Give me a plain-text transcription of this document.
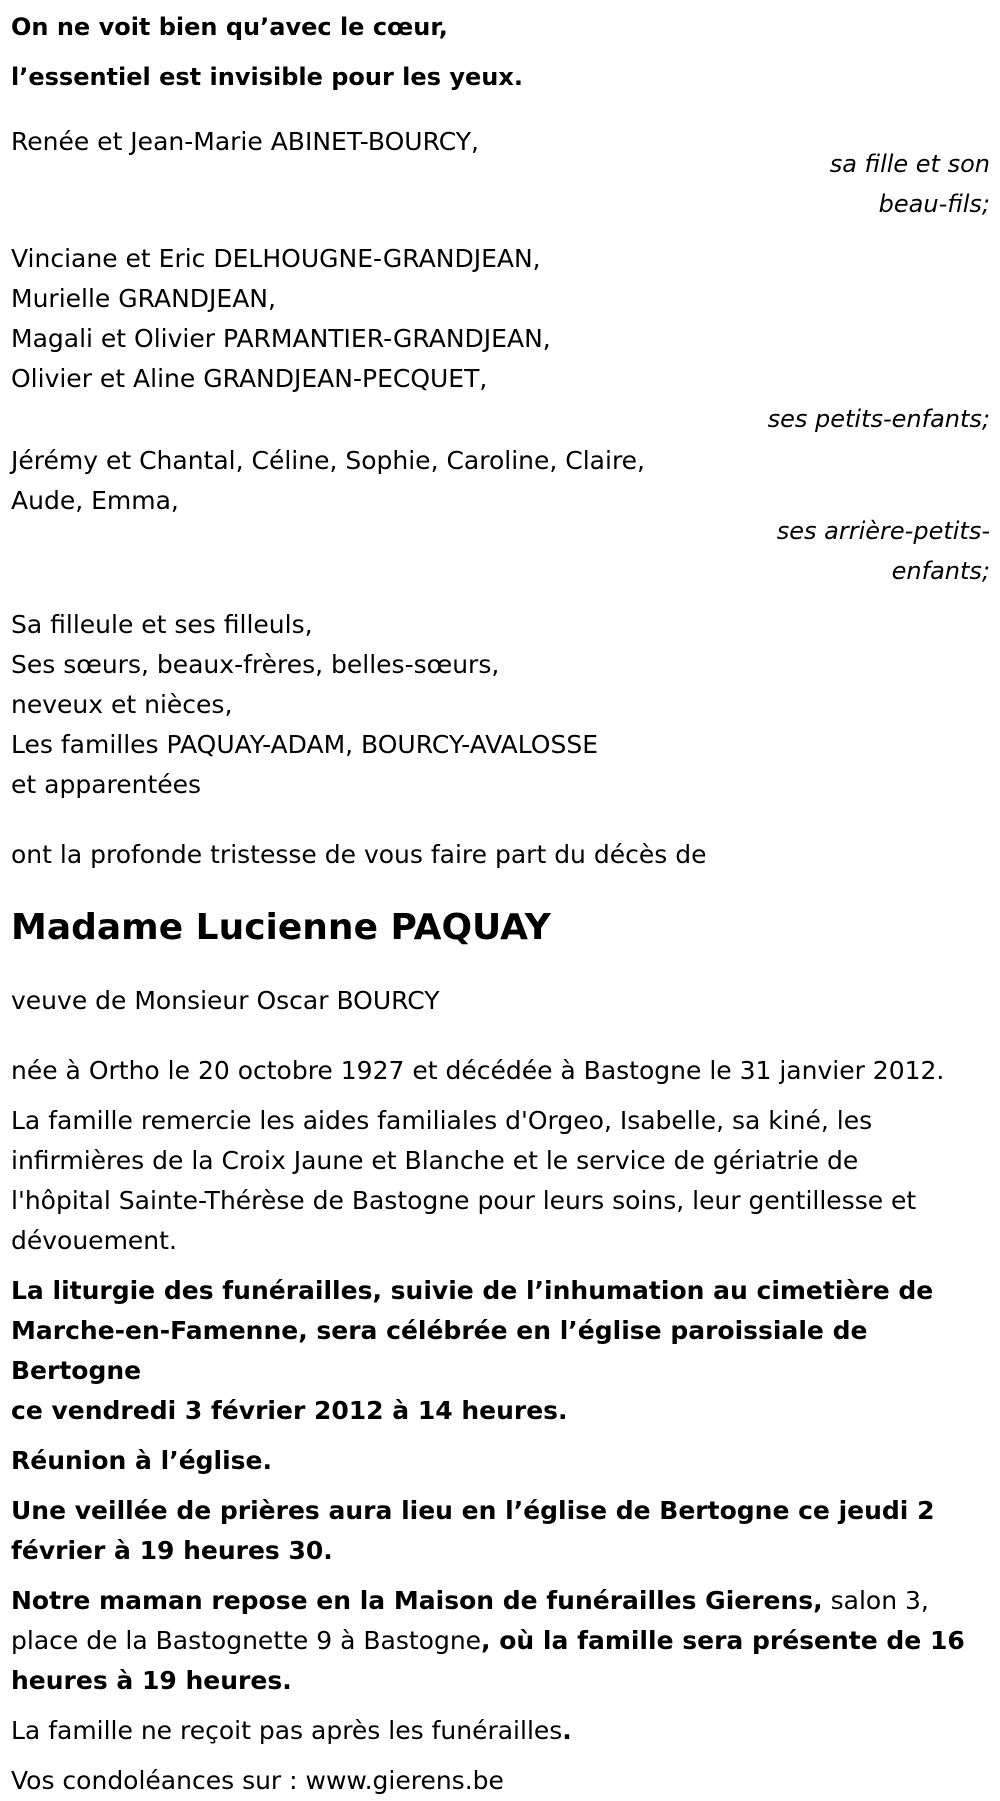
On ne voit bien qu’avec le cœur,
l’essentiel est invisible pour les yeux.
Renée et Jean-Marie ABINET-BOURCY,
sa fille et son
beau-fils;
Vinciane et Eric DELHOUGNE-GRANDJEAN,
Murielle GRANDJEAN,
Magali et Olivier PARMANTIER-GRANDJEAN,
Olivier et Aline GRANDJEAN-PECQUET,
ses petits-enfants;
Jérémy et Chantal, Céline, Sophie, Caroline, Claire,
Aude, Emma,
ses arrière-petits-
enfants;
Sa filleule et ses filleuls,
Ses sœurs, beaux-frères, belles-sœurs,
neveux et nièces,
Les familles PAQUAY-ADAM, BOURCY-AVALOSSE
et apparentées
ont la profonde tristesse de vous faire part du décès de
Madame Lucienne PAQUAY
veuve de Monsieur Oscar BOURCY
née à Ortho le 20 octobre 1927 et décédée à Bastogne le 31 janvier 2012.
La famille remercie les aides familiales d'Orgeo, Isabelle, sa kiné, les
infirmières de la Croix Jaune et Blanche et le service de gériatrie de
l'hôpital Sainte-Thérèse de Bastogne pour leurs soins, leur gentillesse et
dévouement.
La liturgie des funérailles, suivie de l’inhumation au cimetière de
Marche-en-Famenne, sera célébrée en l’église paroissiale de Bertogne
ce vendredi 3 février 2012 à 14 heures.
Réunion à l’église.
Une veillée de prières aura lieu en l’église de Bertogne ce jeudi 2
février à 19 heures 30.
Notre maman repose en la Maison de funérailles Gierens, salon 3,
place de la Bastognette 9 à Bastogne, où la famille sera présente de 16
heures à 19 heures.
La famille ne reçoit pas après les funérailles.
Vos condoléances sur : www.gierens.be
